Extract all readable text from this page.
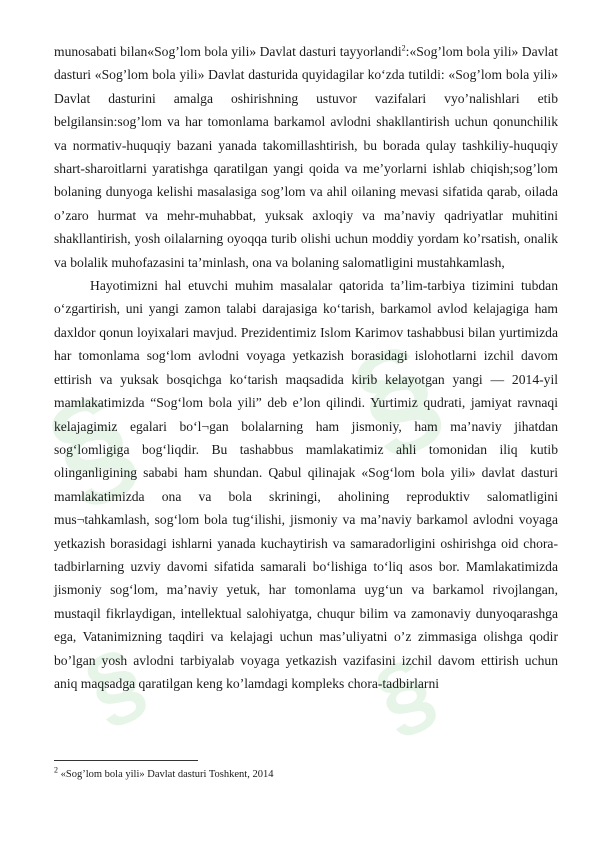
§ §
§ §

munosabati bilan«Sog’lom bola yili» Davlat dasturi tayyorlandi$^2$:«Sog’lom bola yili» Davlat dasturi «Sog’lom bola yili» Davlat dasturida quyidagilar ko‘zda tutildi: «Sog’lom bola yili» Davlat dasturini amalga oshirishning ustuvor vazifalari vyo’nalishlari etib belgilansin:sog’lom va har tomonlama barkamol avlodni shakllantirish uchun qonunchilik va normativ-huquqiy bazani yanada takomillashtirish, bu borada qulay tashkiliy-huquqiy shart-sharoitlarni yaratishga qaratilgan yangi qoida va me’yorlarni ishlab chiqish;sog’lom bolaning dunyoga kelishi masalasiga sog’lom va ahil oilaning mevasi sifatida qarab, oilada o’zaro hurmat va mehr-muhabbat, yuksak axloqiy va ma’naviy qadriyatlar muhitini shakllantirish, yosh oilalarning oyoqqa turib olishi uchun moddiy yordam ko’rsatish, onalik va bolalik muhofazasini ta’minlash, ona va bolaning salomatligini mustahkamlash,

Hayotimizni hal etuvchi muhim masalalar qatorida ta’lim-tarbiya tizimini tubdan o‘zgartirish, uni yangi zamon talabi darajasiga ko‘tarish, barkamol avlod kelajagiga ham daxldor qonun loyixalari mavjud. Prezidentimiz Islom Karimov tashabbusi bilan yurtimizda har tomonlama sog‘lom avlodni voyaga yetkazish borasidagi islohotlarni izchil davom ettirish va yuksak bosqichga ko‘tarish maqsadida kirib kelayotgan yangi — 2014-yil mamlakatimizda “Sog‘lom bola yili” deb e’lon qilindi. Yurtimiz qudrati, jamiyat ravnaqi kelajagimiz egalari bo‘l¬gan bolalarning ham jismoniy, ham ma’naviy jihatdan sog‘lomligiga bog‘liqdir. Bu tashabbus mamlakatimiz ahli tomonidan iliq kutib olinganligining sababi ham shundan. Qabul qilinajak «Sog‘lom bola yili» davlat dasturi mamlakatimizda ona va bola skriningi, aholining reproduktiv salomatligini mus¬tahkamlash, sog‘lom bola tug‘ilishi, jismoniy va ma’naviy barkamol avlodni voyaga yetkazish borasidagi ishlarni yanada kuchaytirish va samaradorligini oshirishga oid chora-tadbirlarning uzviy davomi sifatida samarali bo‘lishiga to‘liq asos bor. Mamlakatimizda jismoniy sog‘lom, ma’naviy yetuk, har tomonlama uyg‘un va barkamol rivojlangan, mustaqil fikrlaydigan, intellektual salohiyatga, chuqur bilim va zamonaviy dunyoqarashga ega, Vatanimizning taqdiri va kelajagi uchun mas’uliyatni o’z zimmasiga olishga qodir bo’lgan yosh avlodni tarbiyalab voyaga yetkazish vazifasini izchil davom ettirish uchun aniq maqsadga qaratilgan keng ko’lamdagi kompleks chora-tadbirlarni

$^2$ «Sog’lom bola yili» Davlat dasturi Toshkent, 2014
